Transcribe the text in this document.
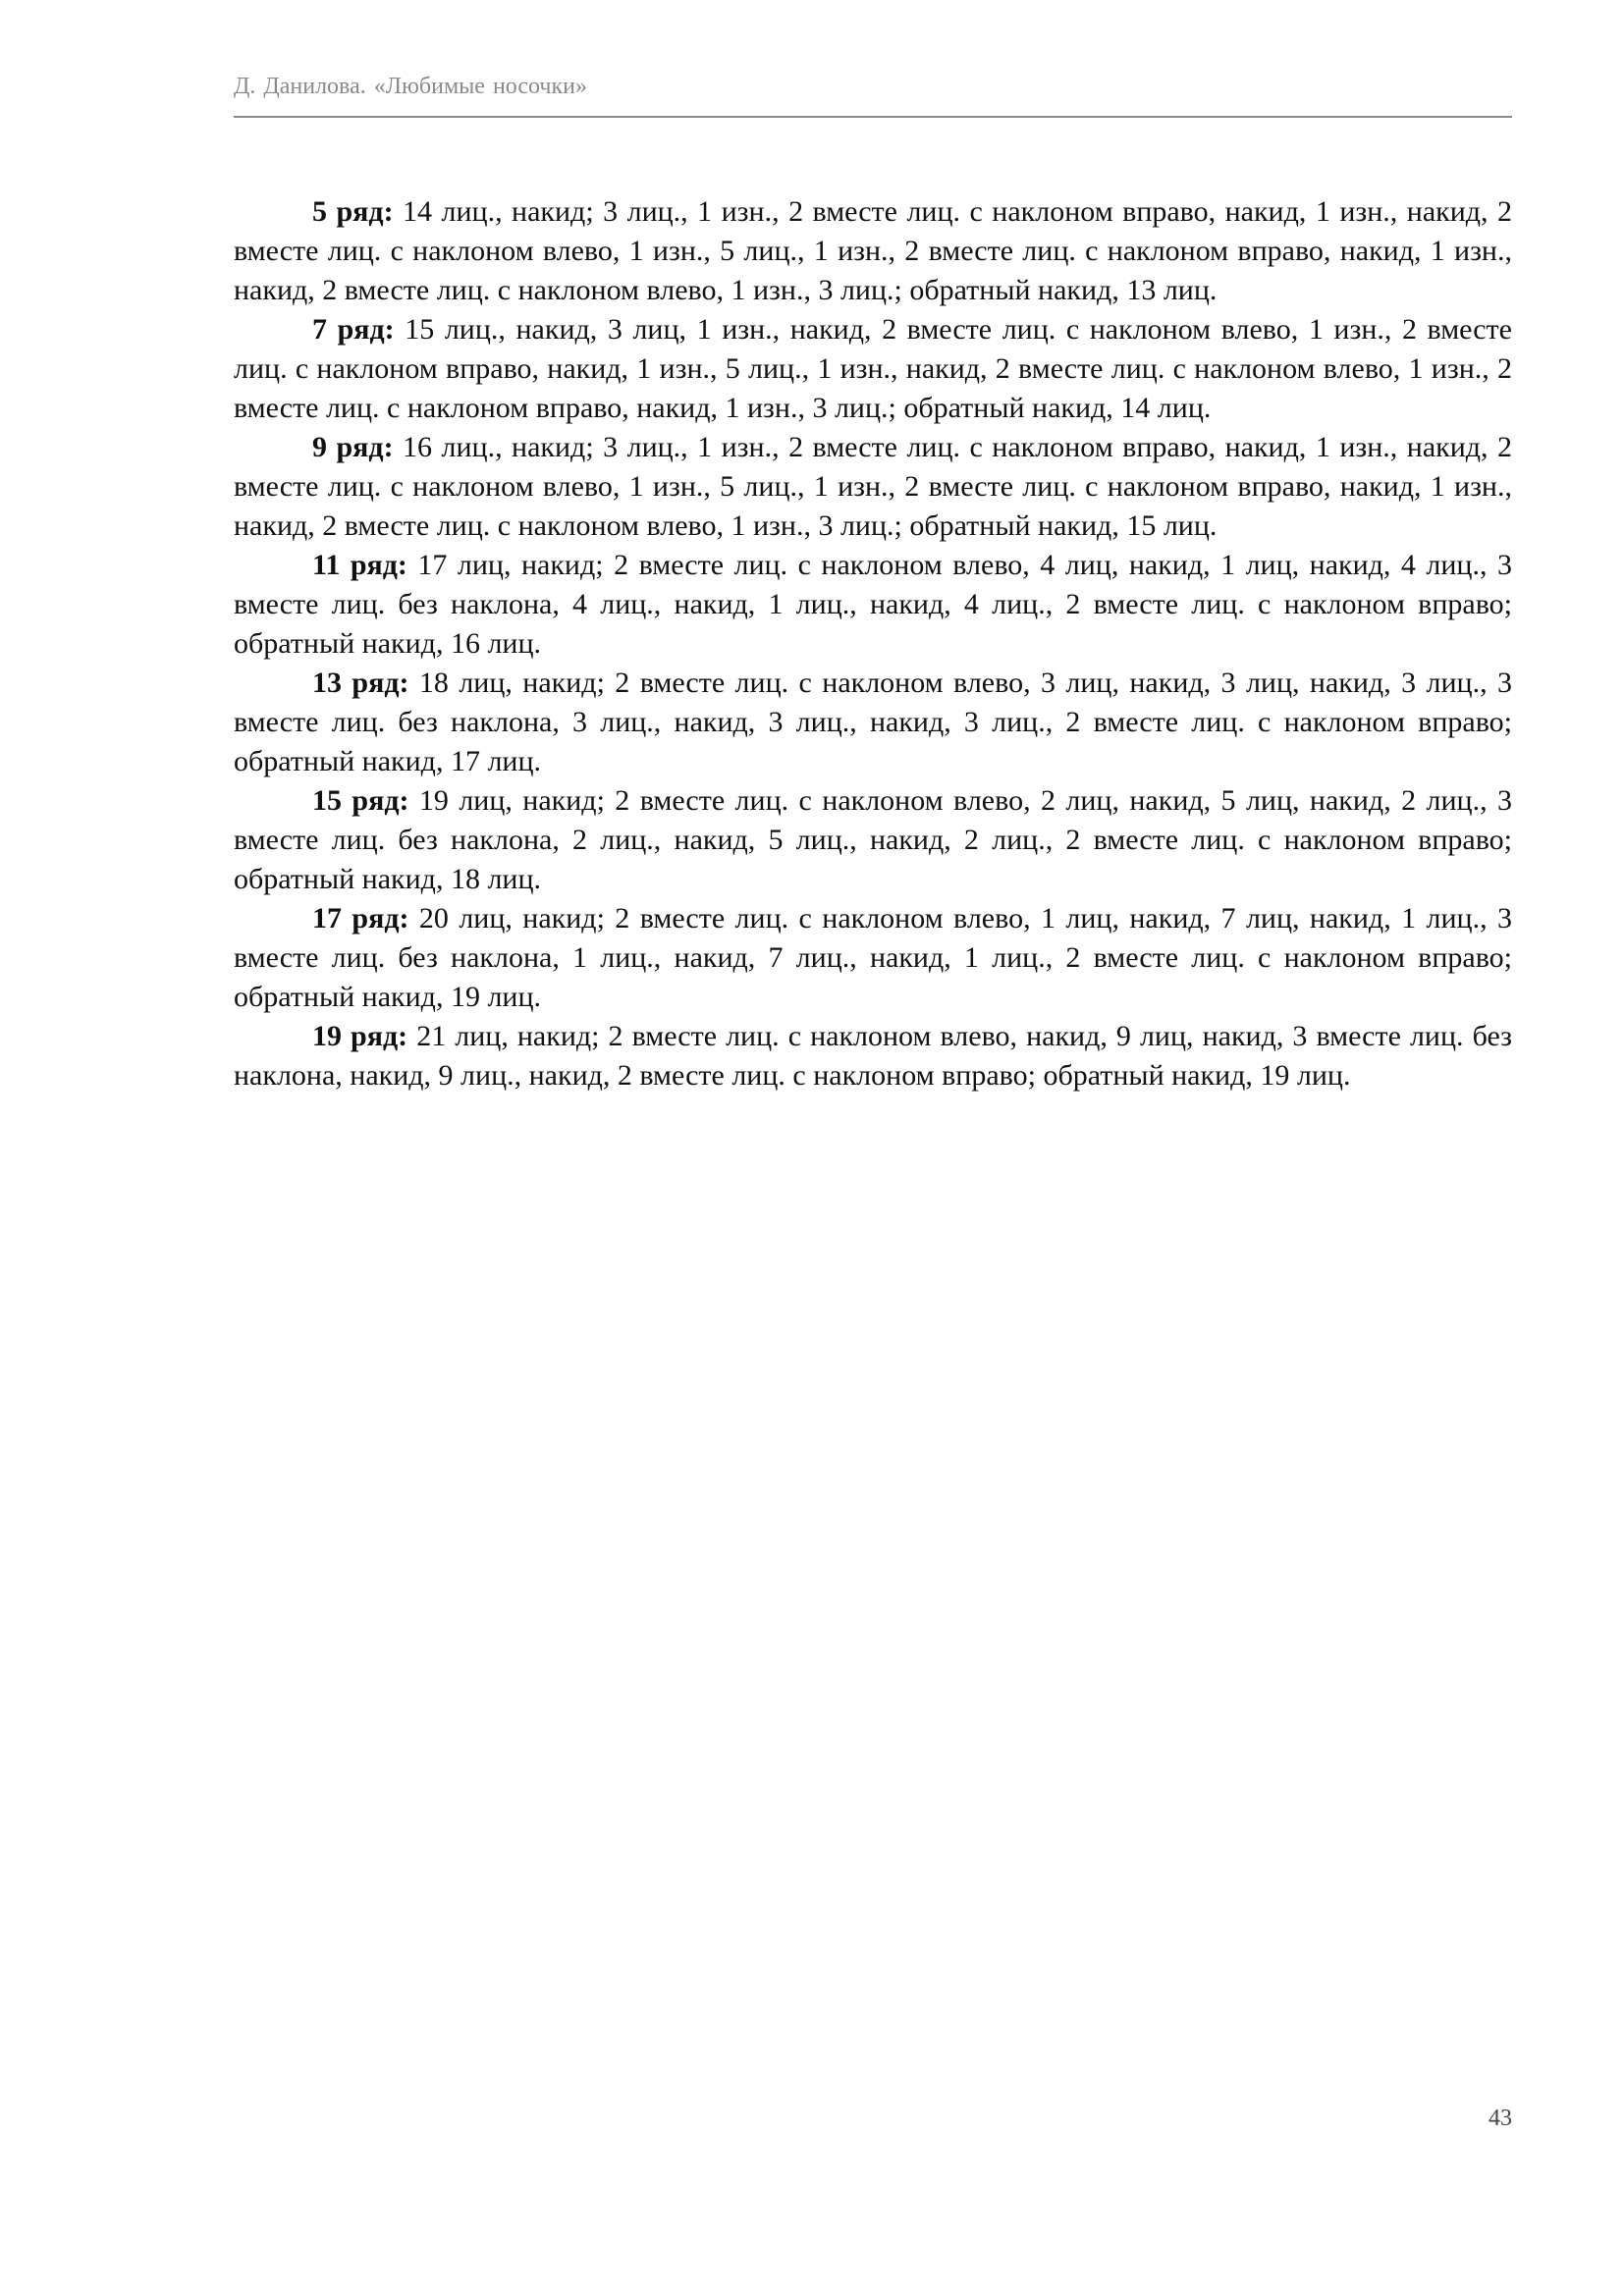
Д. Данилова. «Любимые носочки»

5 ряд: 14 лиц., накид; 3 лиц., 1 изн., 2 вместе лиц. с наклоном вправо, накид, 1 изн., накид, 2 вместе лиц. с наклоном влево, 1 изн., 5 лиц., 1 изн., 2 вместе лиц. с наклоном вправо, накид, 1 изн., накид, 2 вместе лиц. с наклоном влево, 1 изн., 3 лиц.; обратный накид, 13 лиц.

7 ряд: 15 лиц., накид, 3 лиц, 1 изн., накид, 2 вместе лиц. с наклоном влево, 1 изн., 2 вместе лиц. с наклоном вправо, накид, 1 изн., 5 лиц., 1 изн., накид, 2 вместе лиц. с наклоном влево, 1 изн., 2 вместе лиц. с наклоном вправо, накид, 1 изн., 3 лиц.; обратный накид, 14 лиц.

9 ряд: 16 лиц., накид; 3 лиц., 1 изн., 2 вместе лиц. с наклоном вправо, накид, 1 изн., накид, 2 вместе лиц. с наклоном влево, 1 изн., 5 лиц., 1 изн., 2 вместе лиц. с наклоном вправо, накид, 1 изн., накид, 2 вместе лиц. с наклоном влево, 1 изн., 3 лиц.; обратный накид, 15 лиц.

11 ряд: 17 лиц, накид; 2 вместе лиц. с наклоном влево, 4 лиц, накид, 1 лиц, накид, 4 лиц., 3 вместе лиц. без наклона, 4 лиц., накид, 1 лиц., накид, 4 лиц., 2 вместе лиц. с наклоном вправо; обратный накид, 16 лиц.

13 ряд: 18 лиц, накид; 2 вместе лиц. с наклоном влево, 3 лиц, накид, 3 лиц, накид, 3 лиц., 3 вместе лиц. без наклона, 3 лиц., накид, 3 лиц., накид, 3 лиц., 2 вместе лиц. с наклоном вправо; обратный накид, 17 лиц.

15 ряд: 19 лиц, накид; 2 вместе лиц. с наклоном влево, 2 лиц, накид, 5 лиц, накид, 2 лиц., 3 вместе лиц. без наклона, 2 лиц., накид, 5 лиц., накид, 2 лиц., 2 вместе лиц. с наклоном вправо; обратный накид, 18 лиц.

17 ряд: 20 лиц, накид; 2 вместе лиц. с наклоном влево, 1 лиц, накид, 7 лиц, накид, 1 лиц., 3 вместе лиц. без наклона, 1 лиц., накид, 7 лиц., накид, 1 лиц., 2 вместе лиц. с наклоном вправо; обратный накид, 19 лиц.

19 ряд: 21 лиц, накид; 2 вместе лиц. с наклоном влево, накид, 9 лиц, накид, 3 вместе лиц. без наклона, накид, 9 лиц., накид, 2 вместе лиц. с наклоном вправо; обратный накид, 19 лиц.

43
